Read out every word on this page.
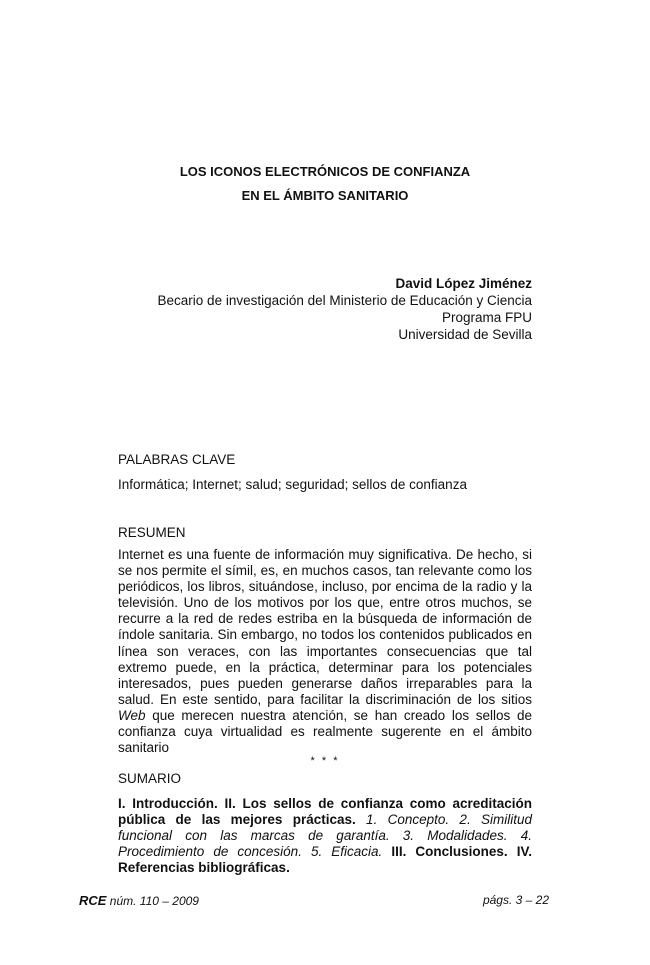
LOS ICONOS ELECTRÓNICOS DE CONFIANZA
EN EL ÁMBITO SANITARIO
David López Jiménez
Becario de investigación del Ministerio de Educación y Ciencia
Programa FPU
Universidad de Sevilla
PALABRAS CLAVE
Informática; Internet; salud; seguridad; sellos de confianza
RESUMEN
Internet es una fuente de información muy significativa. De hecho, si se nos permite el símil, es, en muchos casos, tan relevante como los periódicos, los libros, situándose, incluso, por encima de la radio y la televisión. Uno de los motivos por los que, entre otros muchos, se recurre a la red de redes estriba en la búsqueda de información de índole sanitaria. Sin embargo, no todos los contenidos publicados en línea son veraces, con las importantes consecuencias que tal extremo puede, en la práctica, determinar para los potenciales interesados, pues pueden generarse daños irreparables para la salud. En este sentido, para facilitar la discriminación de los sitios Web que merecen nuestra atención, se han creado los sellos de confianza cuya virtualidad es realmente sugerente en el ámbito sanitario
* * *
SUMARIO
I. Introducción. II. Los sellos de confianza como acreditación pública de las mejores prácticas. 1. Concepto. 2. Similitud funcional con las marcas de garantía. 3. Modalidades. 4. Procedimiento de concesión. 5. Eficacia. III. Conclusiones. IV. Referencias bibliográficas.
RCE núm. 110 – 2009	págs. 3 – 22
